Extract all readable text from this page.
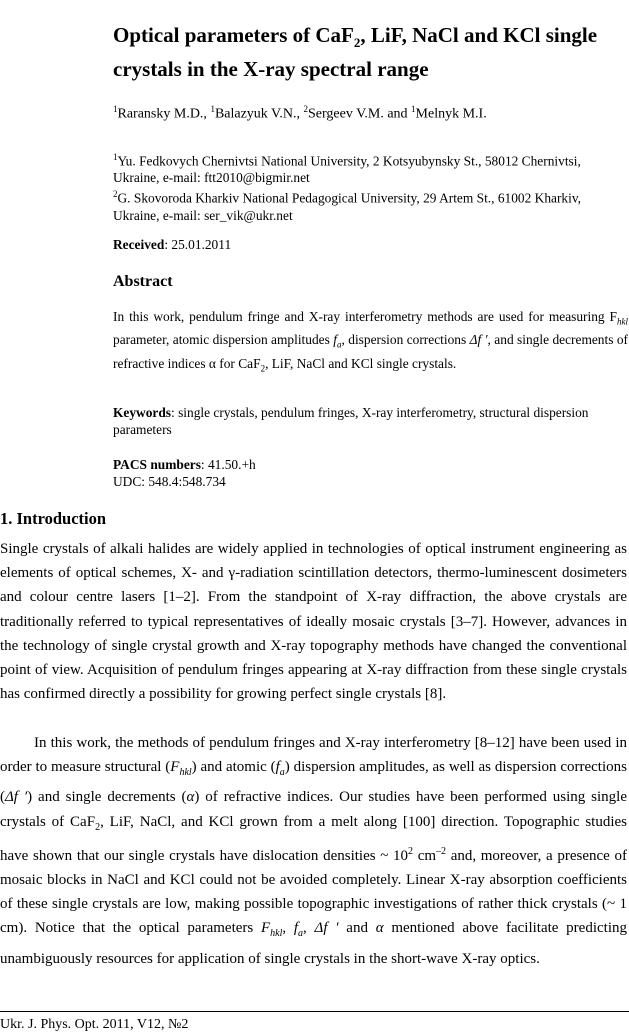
Optical parameters of CaF$_2$, LiF, NaCl and KCl single crystals in the X-ray spectral range
$^1$Raransky M.D., $^1$Balazyuk V.N., $^2$Sergeev V.M. and $^1$Melnyk M.I.
$^1$Yu. Fedkovych Chernivtsi National University, 2 Kotsyubynsky St., 58012 Chernivtsi, Ukraine, e-mail: ftt2010@bigmir.net
$^2$G. Skovoroda Kharkiv National Pedagogical University, 29 Artem St., 61002 Kharkiv, Ukraine, e-mail: ser_vik@ukr.net
Received: 25.01.2011
Abstract
In this work, pendulum fringe and X-ray interferometry methods are used for measuring $F_{hkl}$ parameter, atomic dispersion amplitudes $f_a$, dispersion corrections Δf ′, and single decrements of refractive indices α for CaF$_2$, LiF, NaCl and KCl single crystals.
Keywords: single crystals, pendulum fringes, X-ray interferometry, structural dispersion parameters
PACS numbers: 41.50.+h
UDC: 548.4:548.734
1. Introduction
Single crystals of alkali halides are widely applied in technologies of optical instrument engineering as elements of optical schemes, X- and γ-radiation scintillation detectors, thermo-luminescent dosimeters and colour centre lasers [1–2]. From the standpoint of X-ray diffraction, the above crystals are traditionally referred to typical representatives of ideally mosaic crystals [3–7]. However, advances in the technology of single crystal growth and X-ray topography methods have changed the conventional point of view. Acquisition of pendulum fringes appearing at X-ray diffraction from these single crystals has confirmed directly a possibility for growing perfect single crystals [8].
In this work, the methods of pendulum fringes and X-ray interferometry [8–12] have been used in order to measure structural $(F_{hkl})$ and atomic $(f_a)$ dispersion amplitudes, as well as dispersion corrections (Δf ′) and single decrements (α) of refractive indices. Our studies have been performed using single crystals of CaF$_2$, LiF, NaCl, and KCl grown from a melt along [100] direction. Topographic studies have shown that our single crystals have dislocation densities ~ $10^2$ $cm^{-2}$ and, moreover, a presence of mosaic blocks in NaCl and KCl could not be avoided completely. Linear X-ray absorption coefficients of these single crystals are low, making possible topographic investigations of rather thick crystals (~ 1 cm). Notice that the optical parameters $F_{hkl}$, $f_a$, Δf ′ and α mentioned above facilitate predicting unambiguously resources for application of single crystals in the short-wave X-ray optics.
Ukr. J. Phys. Opt. 2011, V12, №2
